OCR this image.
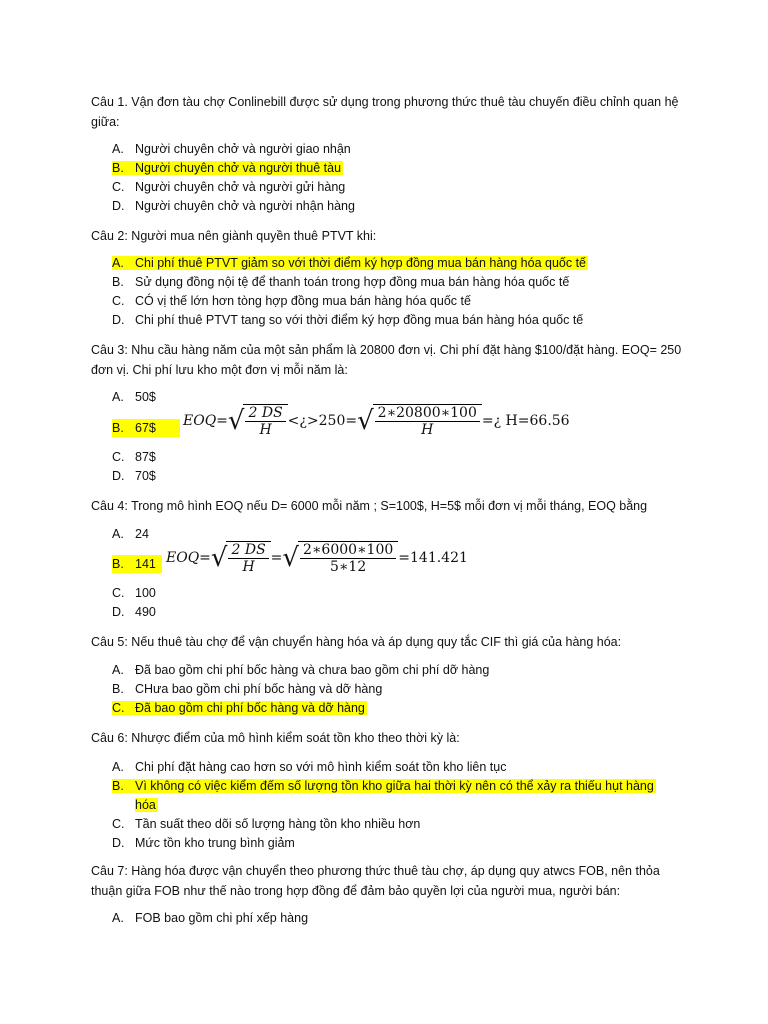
Câu 1. Vận đơn tàu chợ Conlinebill được sử dụng trong phương thức thuê tàu chuyến điều chỉnh quan hệ giữa:
A. Người chuyên chở và người giao nhận
B. Người chuyên chở và người thuê tàu
C. Người chuyên chở và người gửi hàng
D. Người chuyên chở và người nhận hàng
Câu 2: Người mua nên giành quyền thuê PTVT khi:
A. Chi phí thuê PTVT giảm so với thời điểm ký hợp đồng mua bán hàng hóa quốc tế
B. Sử dụng đồng nội tệ để thanh toán trong hợp đồng mua bán hàng hóa quốc tế
C. CÓ vị thế lớn hơn tòng hợp đồng mua bán hàng hóa quốc tế
D. Chi phí thuê PTVT tang so với thời điểm ký hợp đồng mua bán hàng hóa quốc tế
Câu 3: Nhu cầu hàng năm của một sản phẩm là 20800 đơn vị. Chi phí đặt hàng $100/đặt hàng. EOQ= 250 đơn vị. Chi phí lưu kho một đơn vị mỗi năm là:
A. 50$
B. 67$	EOQ= √ $\frac{2 DS}{H}$ <¿>250= √ $\frac{2∗20800∗100}{H}$ =¿ H=66.56
C. 87$
D. 70$
Câu 4: Trong mô hình EOQ nếu D= 6000 mỗi năm ; S=100$, H=5$ mỗi đơn vị mỗi tháng, EOQ bằng
A. 24
B. 141 EOQ= √ $\frac{2 DS}{H}$ = √ $\frac{2∗6000∗100}{5∗12} =141.421$
C. 100
D. 490
Câu 5: Nếu thuê tàu chợ để vận chuyển hàng hóa và áp dụng quy tắc CIF thì giá của hàng hóa:
A. Đã bao gồm chi phí bốc hàng và chưa bao gồm chi phí dỡ hàng
B. CHưa bao gồm chi phí bốc hàng và dỡ hàng
C. Đã bao gồm chi phí bốc hàng và dỡ hàng
Câu 6: Nhược điểm của mô hình kiểm soát tồn kho theo thời kỳ là:
A. Chi phí đặt hàng cao hơn so với mô hình kiểm soát tồn kho liên tục
B. Vì không có việc kiểm đếm số lượng tồn kho giữa hai thời kỳ nên có thể xảy ra thiếu hụt hàng
hóa
C. Tần suất theo dõi số lượng hàng tồn kho nhiều hơn
D. Mức tồn kho trung bình giảm
Câu 7: Hàng hóa được vận chuyển theo phương thức thuê tàu chợ, áp dụng quy atwcs FOB, nên thỏa thuận giữa FOB như thế nào trong hợp đồng để đảm bảo quyền lợi của người mua, người bán:
A. FOB bao gồm chi phí xếp hàng
